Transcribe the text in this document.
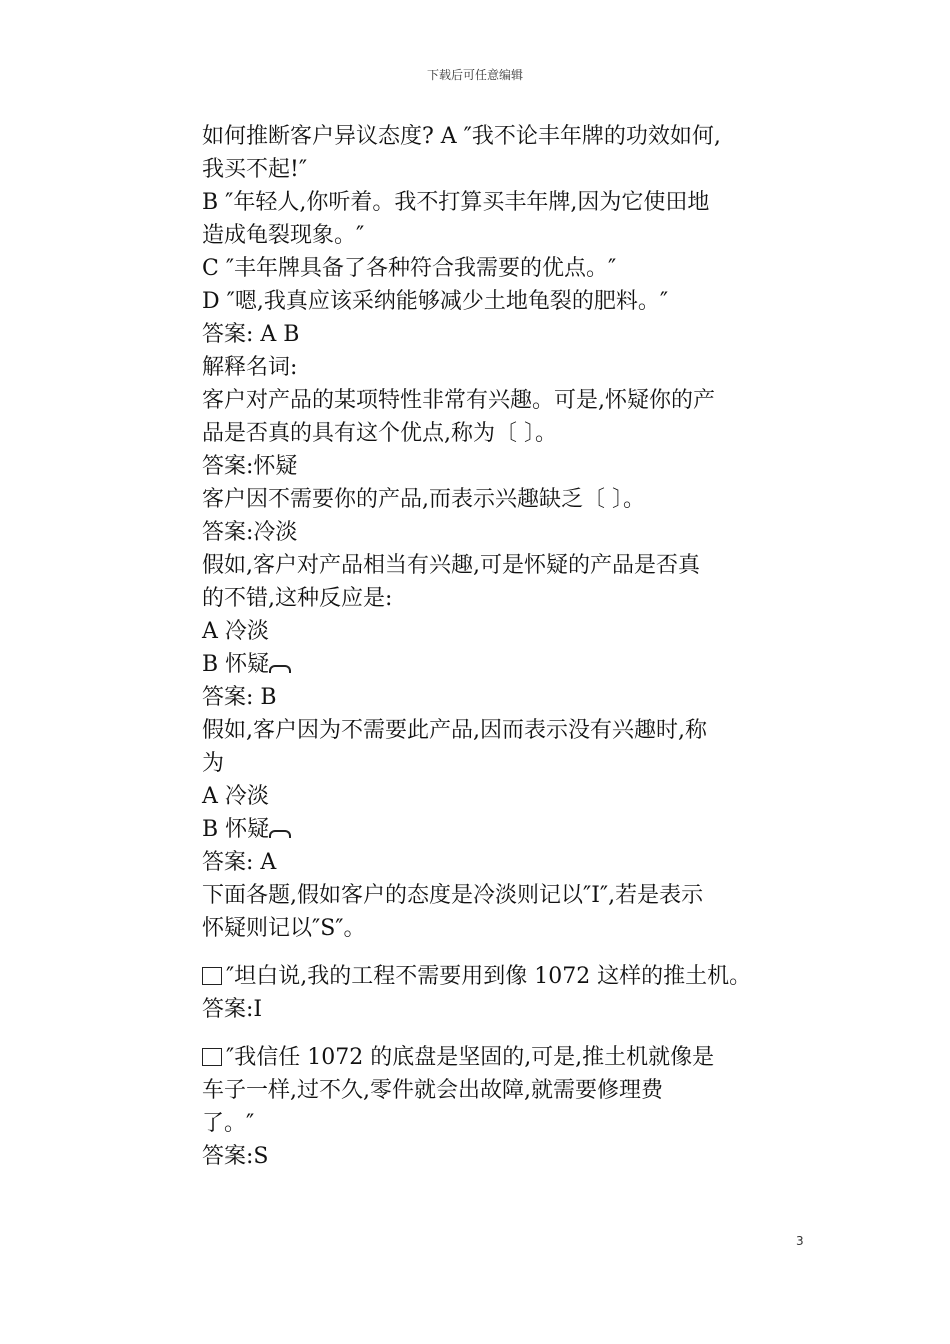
下载后可任意编辑
如何推断客户异议态度? A ″我不论丰年牌的功效如何,
我买不起!″
B ″年轻人,你听着。我不打算买丰年牌,因为它使田地
造成龟裂现象。″
C ″丰年牌具备了各种符合我需要的优点。″
D ″嗯,我真应该采纳能够减少土地龟裂的肥料。″
答案: A B
解释名词:
客户对产品的某项特性非常有兴趣。可是,怀疑你的产
品是否真的具有这个优点,称为〔 〕。
答案:怀疑
客户因不需要你的产品,而表示兴趣缺乏〔 〕。
答案:冷淡
假如,客户对产品相当有兴趣,可是怀疑的产品是否真
的不错,这种反应是:
A 冷淡
B 怀疑
答案: B
假如,客户因为不需要此产品,因而表示没有兴趣时,称
为
A 冷淡
B 怀疑
答案: A
下面各题,假如客户的态度是冷淡则记以″I″,若是表示
怀疑则记以″S″。
″坦白说,我的工程不需要用到像 1072 这样的推土机。
答案:I
″我信任 1072 的底盘是坚固的,可是,推土机就像是
车子一样,过不久,零件就会出故障,就需要修理费
了。″
答案:S
3
